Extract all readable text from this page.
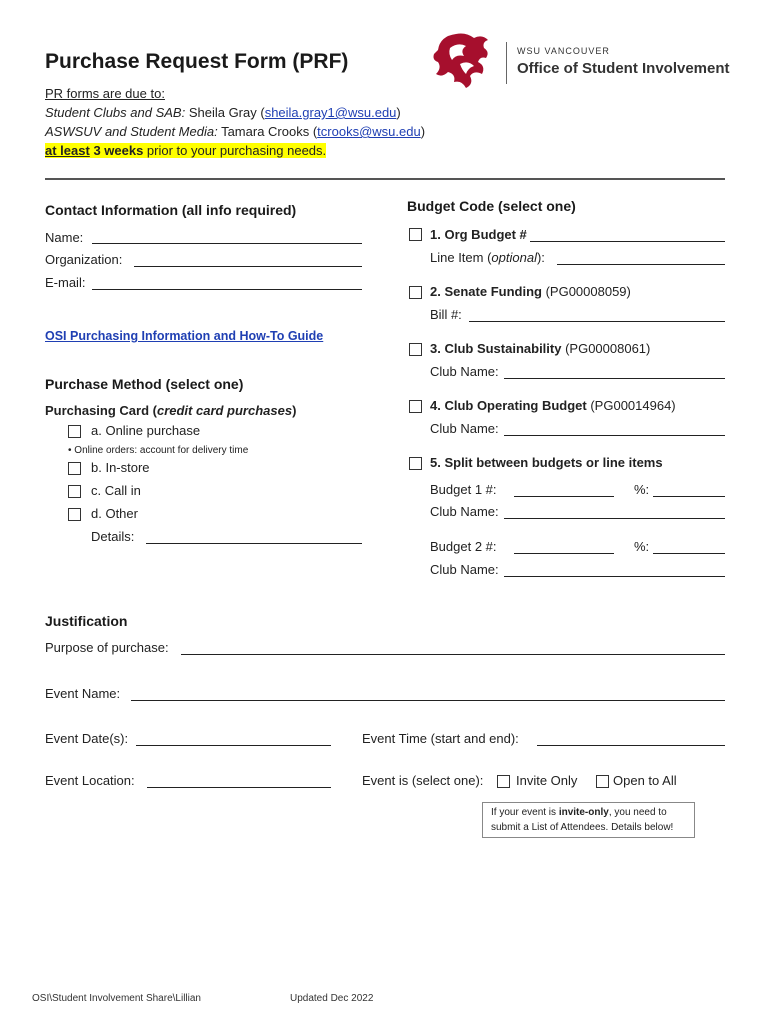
Purchase Request Form (PRF)
PR forms are due to:
Student Clubs and SAB: Sheila Gray (sheila.gray1@wsu.edu)
ASWSUV and Student Media: Tamara Crooks (tcrooks@wsu.edu)
at least 3 weeks prior to your purchasing needs.
WSU VANCOUVER
Office of Student Involvement
Contact Information (all info required)
Name:
Organization:
E-mail:
OSI Purchasing Information and How-To Guide
Purchase Method (select one)
Purchasing Card (credit card purchases)
a. Online purchase
• Online orders: account for delivery time
b. In-store
c. Call in
d. Other
Details:
Budget Code (select one)
1. Org Budget #
Line Item (optional):
2. Senate Funding (PG00008059)
Bill #:
3. Club Sustainability (PG00008061)
Club Name:
4. Club Operating Budget (PG00014964)
Club Name:
5. Split between budgets or line items
Budget 1 #:	%:
Club Name:
Budget 2 #:	%:
Club Name:
Justification
Purpose of purchase:
Event Name:
Event Date(s):	Event Time (start and end):
Event Location:	Event is (select one):	Invite Only	Open to All
If your event is invite-only, you need to
submit a List of Attendees. Details below!
OSI\Student Involvement Share\Lillian	Updated Dec 2022
